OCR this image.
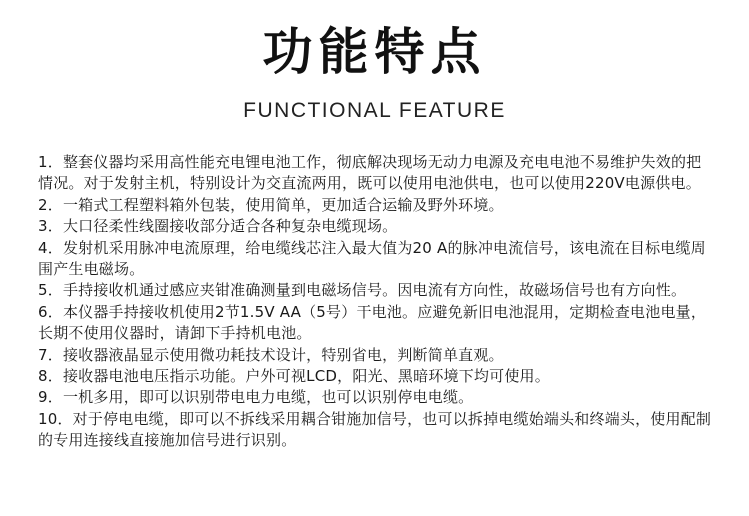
功能特点
FUNCTIONAL FEATURE
1．整套仪器均采用高性能充电锂电池工作，彻底解决现场无动力电源及充电电池不易维护失效的把情况。对于发射主机，特别设计为交直流两用，既可以使用电池供电，也可以使用220V电源供电。
2．一箱式工程塑料箱外包装，使用简单，更加适合运输及野外环境。
3．大口径柔性线圈接收部分适合各种复杂电缆现场。
4．发射机采用脉冲电流原理，给电缆线芯注入最大值为20 A的脉冲电流信号，该电流在目标电缆周围产生电磁场。
5．手持接收机通过感应夹钳准确测量到电磁场信号。因电流有方向性，故磁场信号也有方向性。
6．本仪器手持接收机使用2节1.5V AA（5号）干电池。应避免新旧电池混用，定期检查电池电量，长期不使用仪器时，请卸下手持机电池。
7．接收器液晶显示使用微功耗技术设计，特别省电，判断简单直观。
8．接收器电池电压指示功能。户外可视LCD，阳光、黑暗环境下均可使用。
9．一机多用，即可以识别带电电力电缆，也可以识别停电电缆。
10．对于停电电缆，即可以不拆线采用耦合钳施加信号，也可以拆掉电缆始端头和终端头，使用配制的专用连接线直接施加信号进行识别。
